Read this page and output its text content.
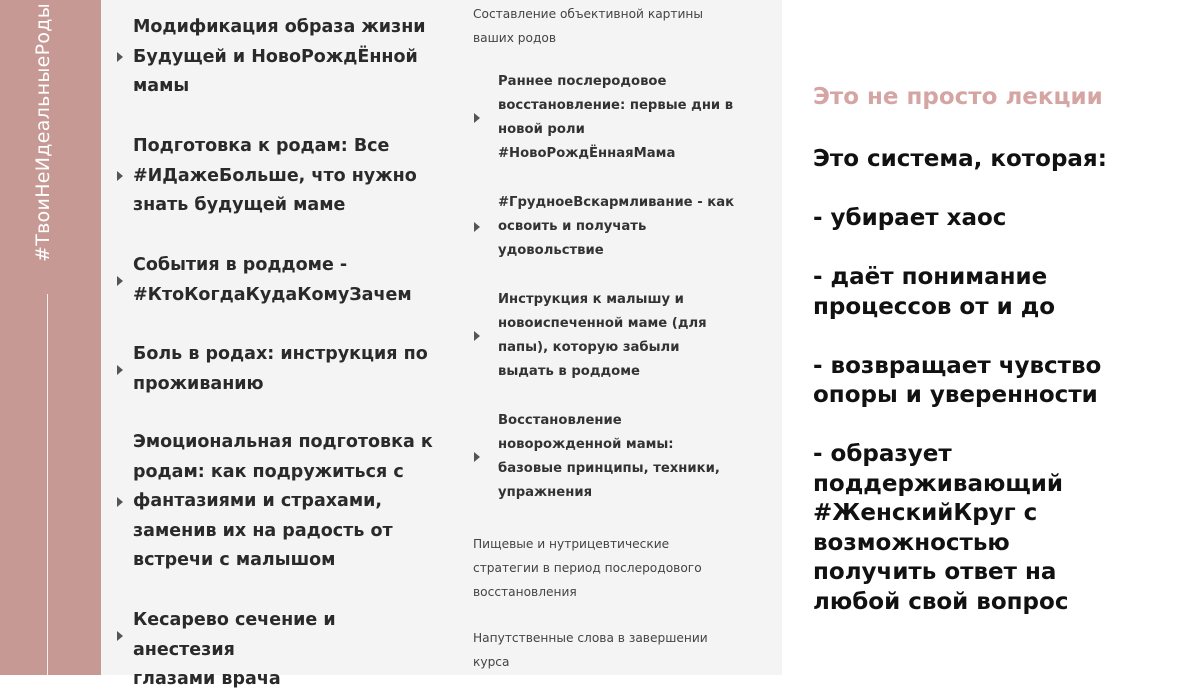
#ТвоиНеИдеальныеРоды	Модификация образа жизни
Будущей и НовоРождЁнной
мамы
Подготовка к родам: Все
#ИДажеБольше, что нужно
знать будущей маме
События в роддоме -
#КтоКогдаКудаКомуЗачем
Боль в родах: инструкция по
проживанию
Эмоциональная подготовка к
родам: как подружиться с
фантазиями и страхами,
заменив их на радость от
встречи с малышом
Кесарево сечение и анестезия
глазами врача
Составление объективной картины
ваших родов
Раннее послеродовое
восстановление: первые дни в
новой роли
#НовоРождЁннаяМама
#ГрудноеВскармливание - как
освоить и получать
удовольствие
Инструкция к малышу и
новоиспеченной маме (для
папы), которую забыли
выдать в роддоме
Восстановление
новорожденной мамы:
базовые принципы, техники,
упражнения
Пищевые и нутрицевтические
стратегии в период послеродового
восстановления
Напутственные слова в завершении
курса
Это не просто лекции
Это система, которая:

- убирает хаос

- даёт понимание
процессов от и до

- возвращает чувство
опоры и уверенности

- образует
поддерживающий
#ЖенскийКруг с
возможностью
получить ответ на
любой свой вопрос
